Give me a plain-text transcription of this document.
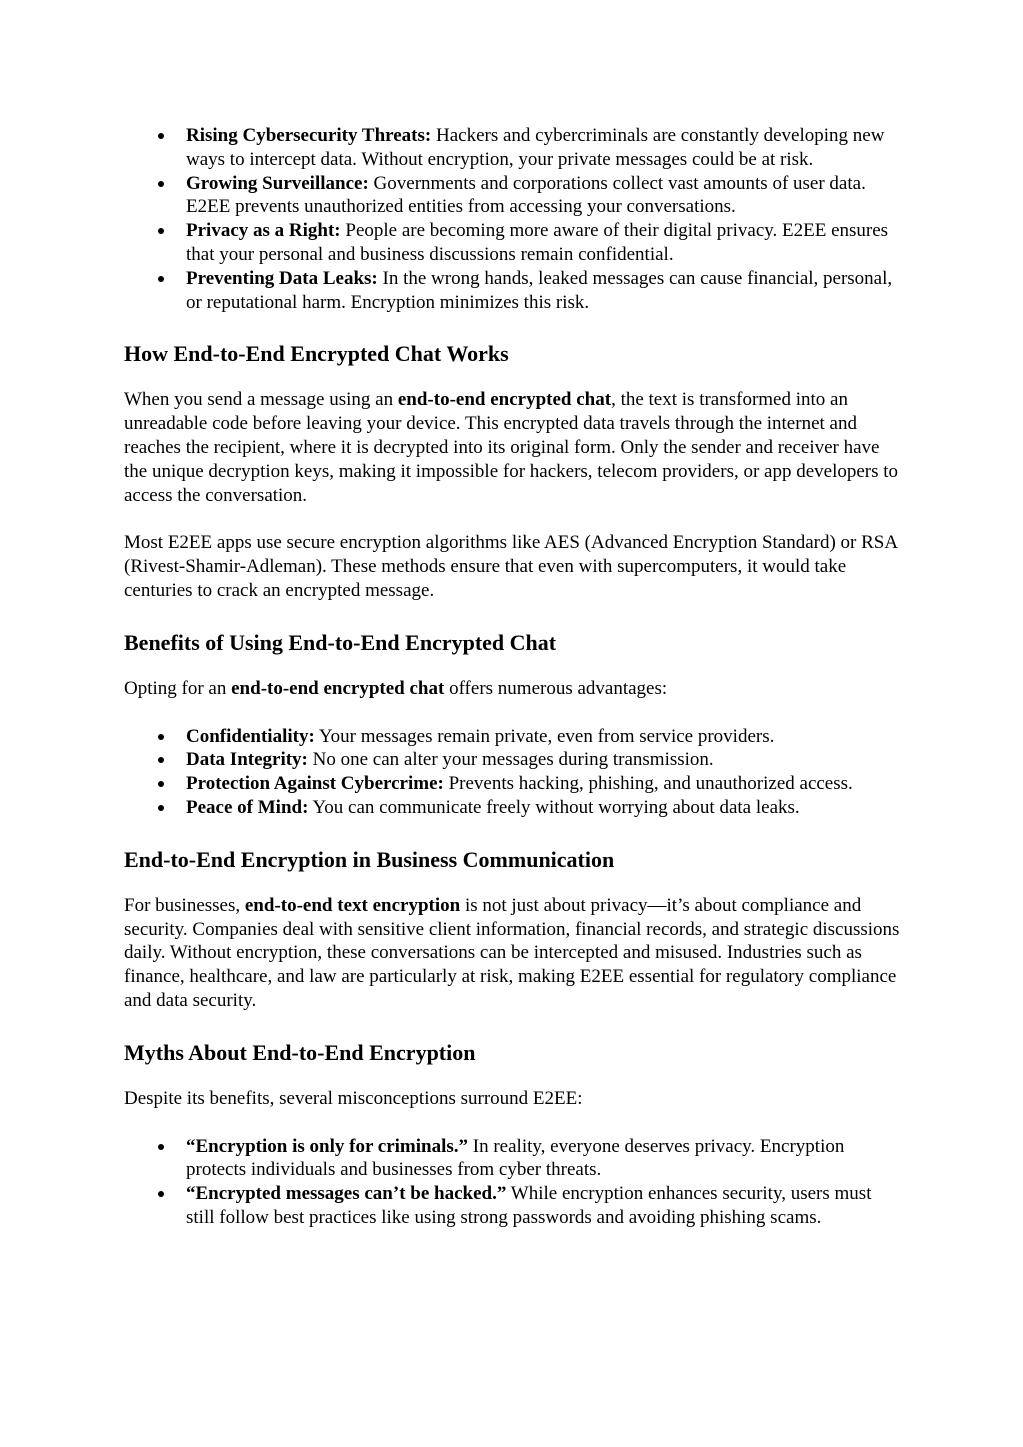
Rising Cybersecurity Threats: Hackers and cybercriminals are constantly developing new ways to intercept data. Without encryption, your private messages could be at risk.
Growing Surveillance: Governments and corporations collect vast amounts of user data. E2EE prevents unauthorized entities from accessing your conversations.
Privacy as a Right: People are becoming more aware of their digital privacy. E2EE ensures that your personal and business discussions remain confidential.
Preventing Data Leaks: In the wrong hands, leaked messages can cause financial, personal, or reputational harm. Encryption minimizes this risk.
How End-to-End Encrypted Chat Works

When you send a message using an end-to-end encrypted chat, the text is transformed into an unreadable code before leaving your device. This encrypted data travels through the internet and reaches the recipient, where it is decrypted into its original form. Only the sender and receiver have the unique decryption keys, making it impossible for hackers, telecom providers, or app developers to access the conversation.

Most E2EE apps use secure encryption algorithms like AES (Advanced Encryption Standard) or RSA (Rivest-Shamir-Adleman). These methods ensure that even with supercomputers, it would take centuries to crack an encrypted message.

Benefits of Using End-to-End Encrypted Chat

Opting for an end-to-end encrypted chat offers numerous advantages:

Confidentiality: Your messages remain private, even from service providers.
Data Integrity: No one can alter your messages during transmission.
Protection Against Cybercrime: Prevents hacking, phishing, and unauthorized access.
Peace of Mind: You can communicate freely without worrying about data leaks.
End-to-End Encryption in Business Communication

For businesses, end-to-end text encryption is not just about privacy—it’s about compliance and security. Companies deal with sensitive client information, financial records, and strategic discussions daily. Without encryption, these conversations can be intercepted and misused. Industries such as finance, healthcare, and law are particularly at risk, making E2EE essential for regulatory compliance and data security.

Myths About End-to-End Encryption

Despite its benefits, several misconceptions surround E2EE:

“Encryption is only for criminals.” In reality, everyone deserves privacy. Encryption protects individuals and businesses from cyber threats.
“Encrypted messages can’t be hacked.” While encryption enhances security, users must still follow best practices like using strong passwords and avoiding phishing scams.
